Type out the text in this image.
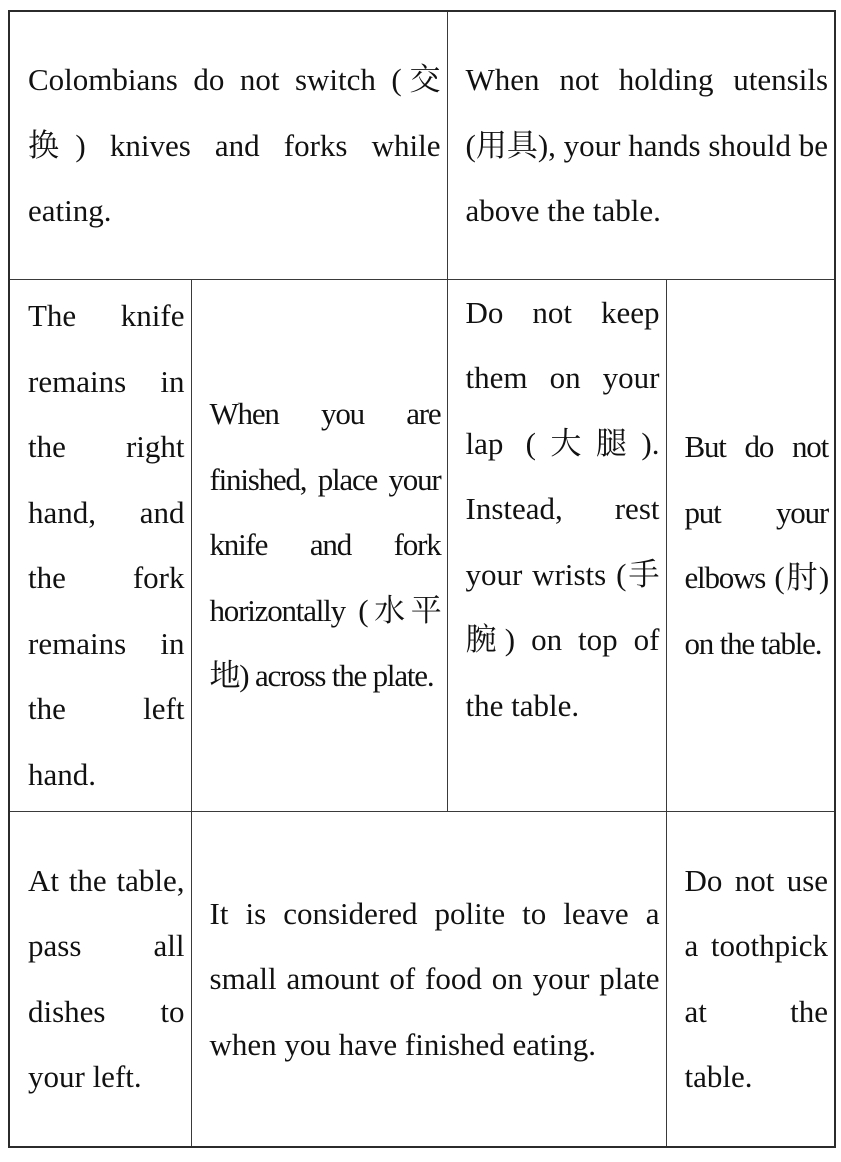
Colombians do not switch (交换) knives and forks while eating.		When not holding utensils (用具), your hands should be above the table.	

The knife remains in the right hand, and the fork remains in the left hand.	When you are finished, place your knife and fork horizontally (水平地) across the plate.	Do not keep them on your lap (大腿). Instead, rest your wrists (手腕) on top of the table.	But do not put your elbows (肘) on the table.

At the table, pass all dishes to your left.	It is considered polite to leave a small amount of food on your plate when you have finished eating.		Do not use a toothpick at the table.
